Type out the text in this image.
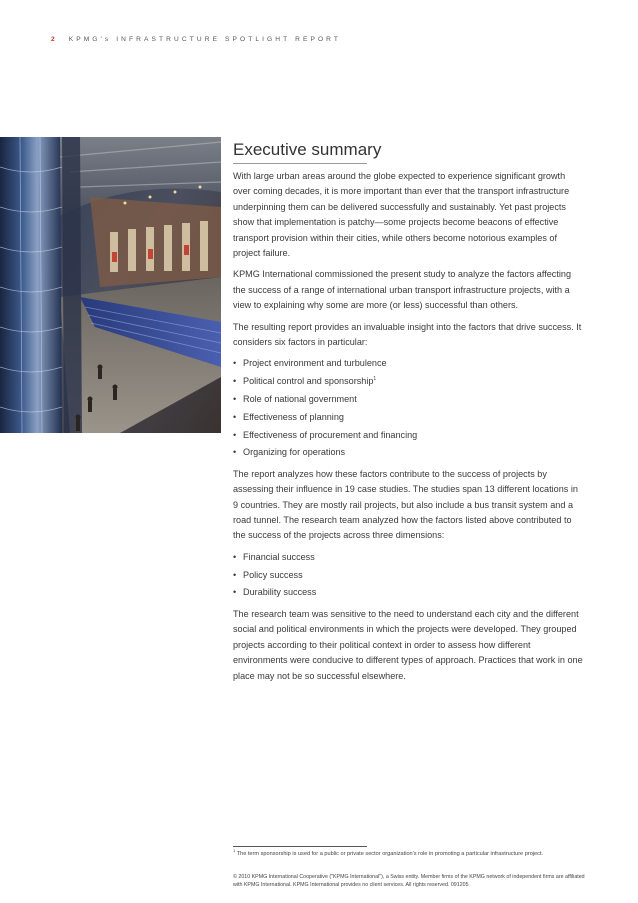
2 KPMG's INFRASTRUCTURE SPOTLIGHT REPORT
Executive summary

With large urban areas around the globe expected to experience significant growth over coming decades, it is more important than ever that the transport infrastructure underpinning them can be delivered successfully and sustainably. Yet past projects show that implementation is patchy—some projects become beacons of effective transport provision within their cities, while others become notorious examples of project failure.

KPMG International commissioned the present study to analyze the factors affecting the success of a range of international urban transport infrastructure projects, with a view to explaining why some are more (or less) successful than others.

The resulting report provides an invaluable insight into the factors that drive success. It considers six factors in particular:

• Project environment and turbulence
• Political control and sponsorship$^1$
• Role of national government
• Effectiveness of planning
• Effectiveness of procurement and financing
• Organizing for operations

The report analyzes how these factors contribute to the success of projects by assessing their influence in 19 case studies. The studies span 13 different locations in 9 countries. They are mostly rail projects, but also include a bus transit system and a road tunnel. The research team analyzed how the factors listed above contributed to the success of the projects across three dimensions:

• Financial success
• Policy success
• Durability success

The research team was sensitive to the need to understand each city and the different social and political environments in which the projects were developed. They grouped projects according to their political context in order to assess how different environments were conducive to different types of approach. Practices that work in one place may not be so successful elsewhere.

$^1$ The term sponsorship is used for a public or private sector organization's role in promoting a particular infrastructure project.
© 2010 KPMG International Cooperative ("KPMG International"), a Swiss entity. Member firms of the KPMG network of independent firms are affiliated with KPMG International. KPMG International provides no client services. All rights reserved. 091205
